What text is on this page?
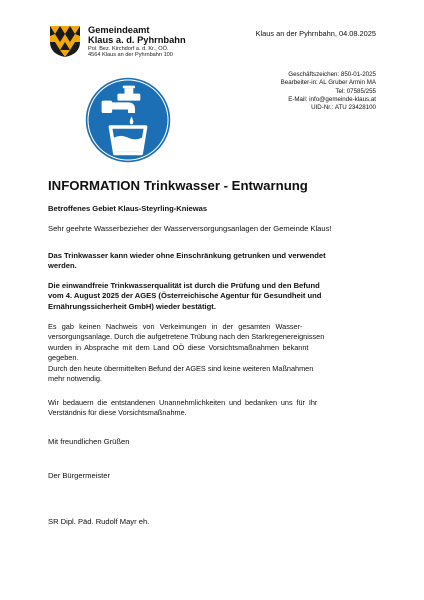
Gemeindeamt
Klaus a. d. Pyhrnbahn
Pol. Bez. Kirchdorf a. d. Kr., OÖ.
4564 Klaus an der Pyhrnbahn 100
Klaus an der Pyhrnbahn, 04.08.2025
Geschäftszeichen: 850-01-2025
Bearbeiter-in: AL Gruber Armin MA
Tel: 07585/255
E-Mail: info@gemeinde-klaus.at
UID-Nr.: ATU 23428100
INFORMATION Trinkwasser - Entwarnung
Betroffenes Gebiet Klaus-Steyrling-Kniewas
Sehr geehrte Wasserbezieher der Wasserversorgungsanlagen der Gemeinde Klaus!
Das Trinkwasser kann wieder ohne Einschränkung getrunken und verwendet
werden.
Die einwandfreie Trinkwasserqualität ist durch die Prüfung und den Befund
vom 4. August 2025 der AGES (Österreichische Agentur für Gesundheit und
Ernährungssicherheit GmbH) wieder bestätigt.
Es gab keinen Nachweis von Verkeimungen in der gesamten Wasser-
versorgungsanlage. Durch die aufgetretene Trübung nach den Starkregenereignissen
wurden in Absprache mit dem Land OÖ diese Vorsichtsmaßnahmen bekannt
gegeben.
Durch den heute übermittelten Befund der AGES sind keine weiteren Maßnahmen
mehr notwendig.
Wir bedauern die entstandenen Unannehmlichkeiten und bedanken uns für Ihr
Verständnis für diese Vorsichtsmaßnahme.
Mit freundlichen Grüßen
Der Bürgermeister
SR Dipl. Päd. Rudolf Mayr eh.
